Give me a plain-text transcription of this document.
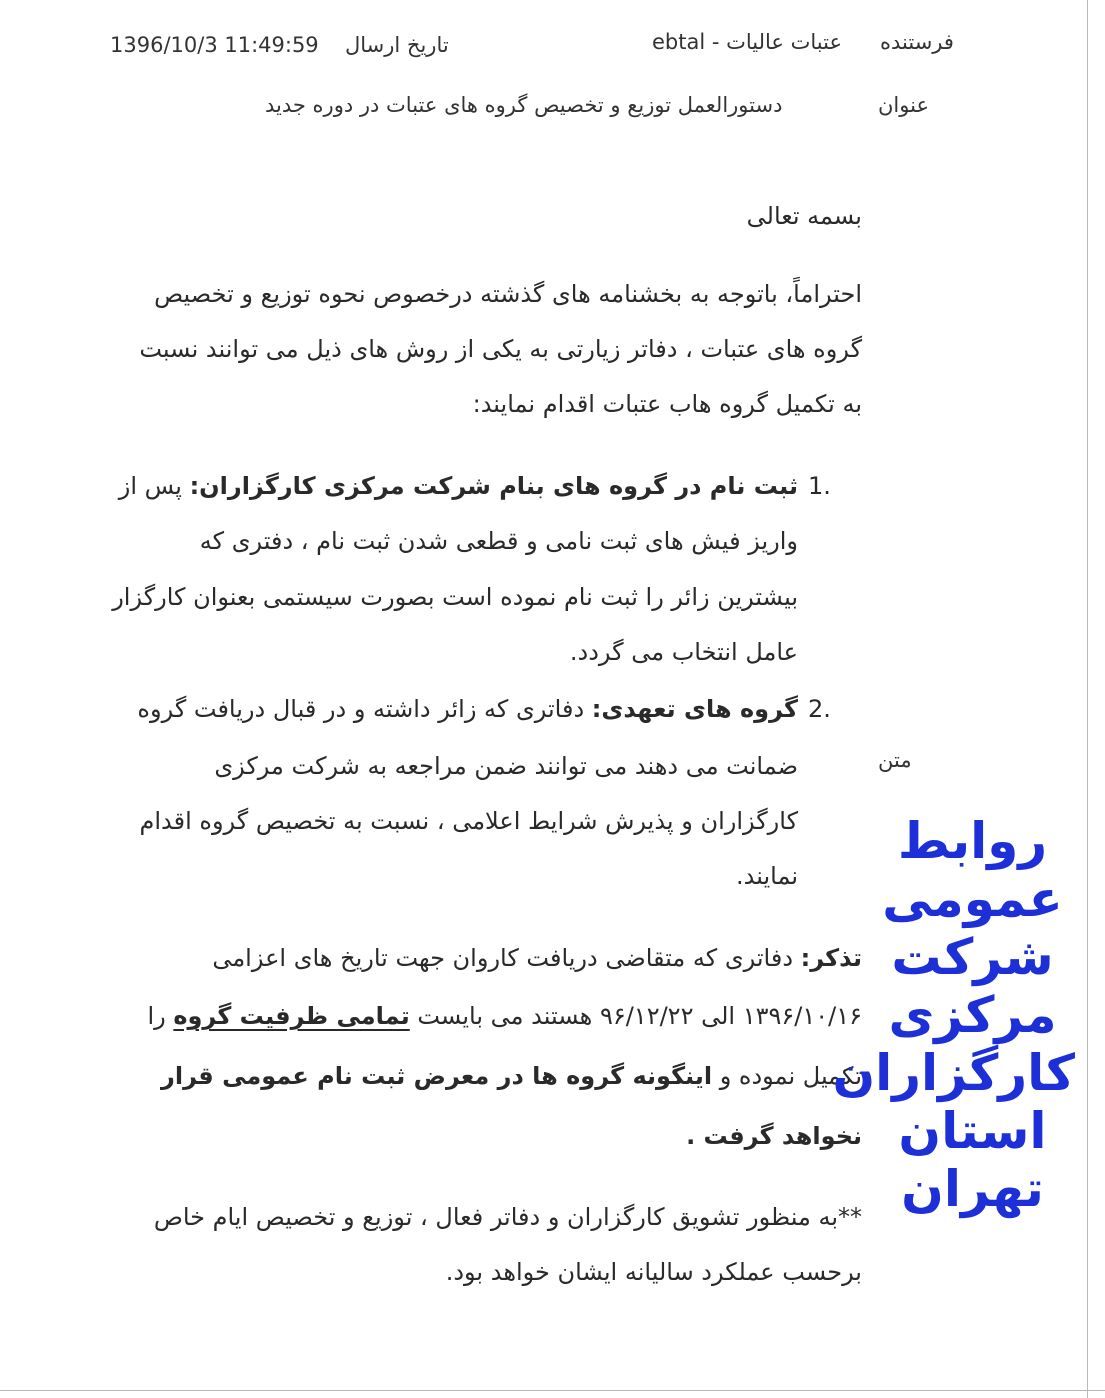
فرستنده
ebtal - عتبات عالیات
تاریخ ارسال
1396/10/3 11:49:59
عنوان
دستورالعمل توزیع و تخصیص گروه های عتبات در دوره جدید
متن
بسمه تعالی
احتراماً، باتوجه به بخشنامه های گذشته درخصوص نحوه توزیع و تخصیص
گروه های عتبات ، دفاتر زیارتی به یکی از روش های ذیل می توانند نسبت
به تکمیل گروه هاب عتبات اقدام نمایند:
1.
ثبت نام در گروه های بنام شرکت مرکزی کارگزاران: پس از
واریز فیش های ثبت نامی و قطعی شدن ثبت نام ، دفتری که
بیشترین زائر را ثبت نام نموده است بصورت سیستمی بعنوان کارگزار
عامل انتخاب می گردد.
2.
گروه های تعهدی: دفاتری که زائر داشته و در قبال دریافت گروه
ضمانت می دهند می توانند ضمن مراجعه به شرکت مرکزی
کارگزاران و پذیرش شرایط اعلامی ، نسبت به تخصیص گروه اقدام
نمایند.
تذکر: دفاتری که متقاضی دریافت کاروان جهت تاریخ های اعزامی
۱۳۹۶/۱۰/۱۶ الی ۹۶/۱۲/۲۲ هستند می بایست تمامی ظرفیت گروه را
تکمیل نموده و اینگونه گروه ها در معرض ثبت نام عمومی قرار
نخواهد گرفت .
**به منظور تشویق کارگزاران و دفاتر فعال ، توزیع و تخصیص ایام خاص
برحسب عملکرد سالیانه ایشان خواهد بود.
روابط
عمومی
شرکت
مرکزی
کارگزاران
استان
تهران
